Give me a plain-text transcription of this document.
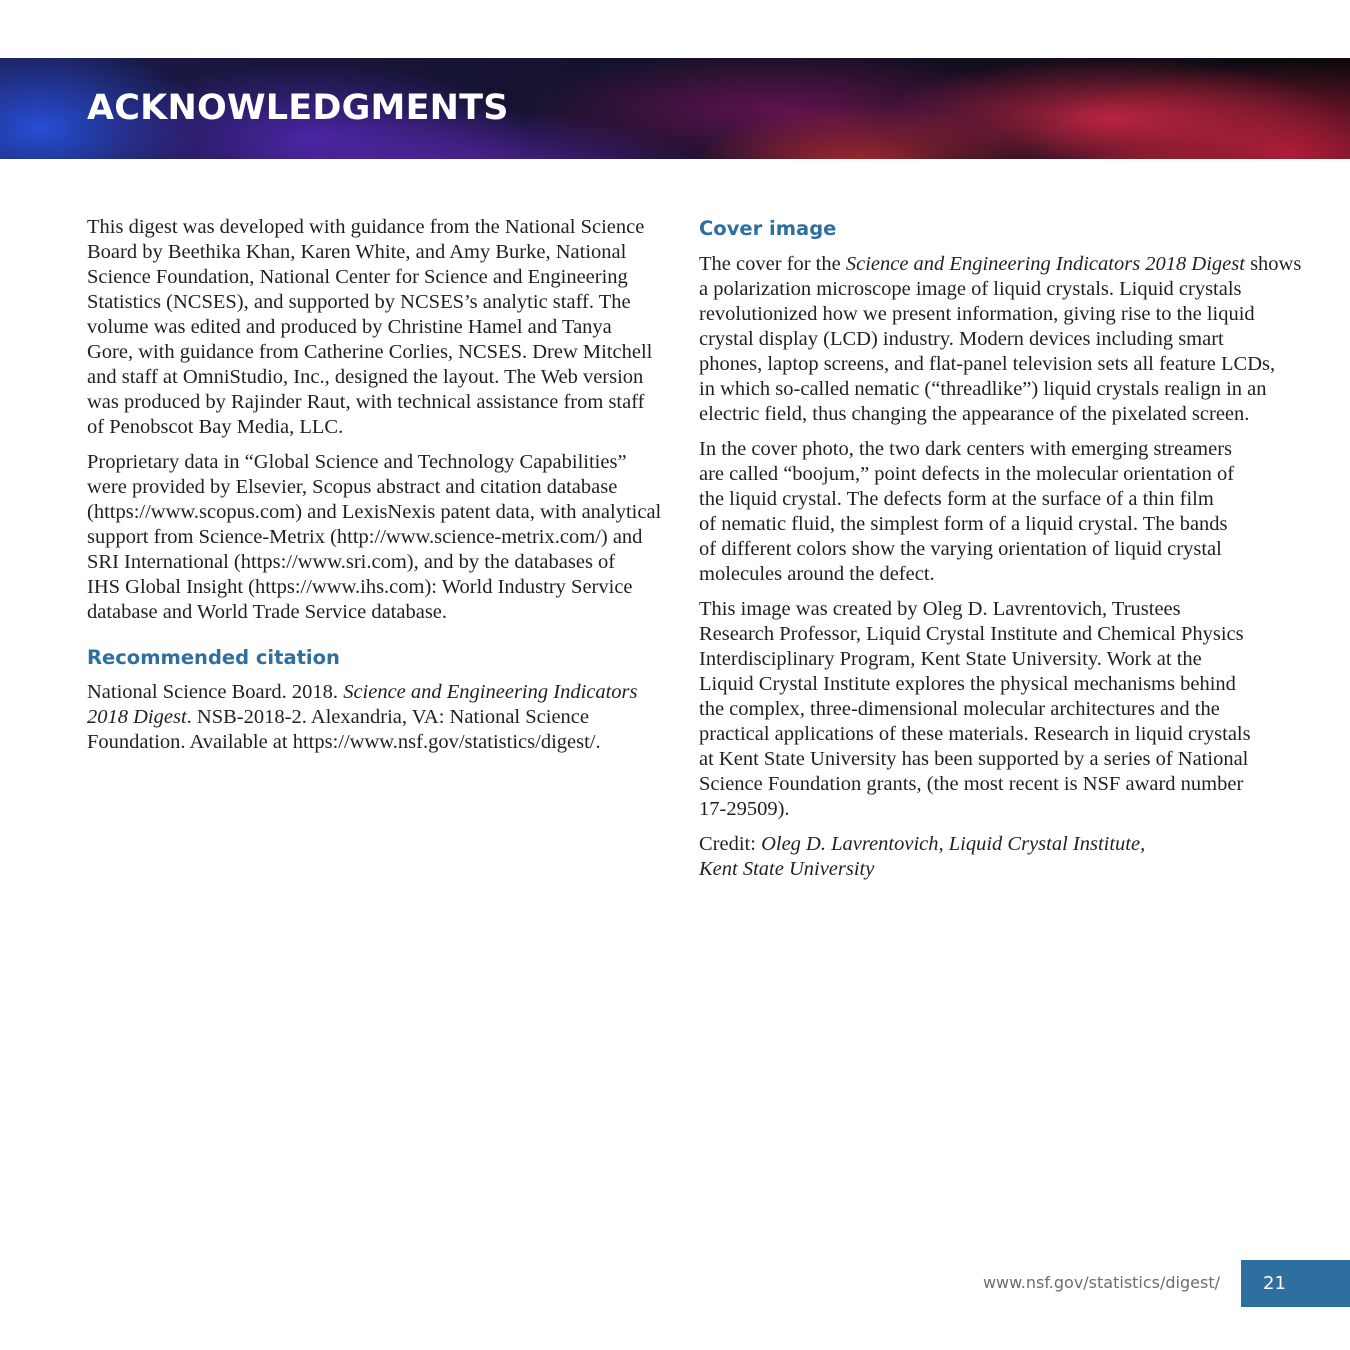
ACKNOWLEDGMENTS

This digest was developed with guidance from the National Science
Board by Beethika Khan, Karen White, and Amy Burke, National
Science Foundation, National Center for Science and Engineering
Statistics (NCSES), and supported by NCSES’s analytic staff. The
volume was edited and produced by Christine Hamel and Tanya
Gore, with guidance from Catherine Corlies, NCSES. Drew Mitchell
and staff at OmniStudio, Inc., designed the layout. The Web version
was produced by Rajinder Raut, with technical assistance from staff
of Penobscot Bay Media, LLC.

Proprietary data in “Global Science and Technology Capabilities”
were provided by Elsevier, Scopus abstract and citation database
(https://www.scopus.com) and LexisNexis patent data, with analytical
support from Science-Metrix (http://www.science-metrix.com/) and
SRI International (https://www.sri.com), and by the databases of
IHS Global Insight (https://www.ihs.com): World Industry Service
database and World Trade Service database.

Recommended citation

National Science Board. 2018. Science and Engineering Indicators
2018 Digest. NSB-2018-2. Alexandria, VA: National Science
Foundation. Available at https://www.nsf.gov/statistics/digest/.

Cover image

The cover for the Science and Engineering Indicators 2018 Digest shows
a polarization microscope image of liquid crystals. Liquid crystals
revolutionized how we present information, giving rise to the liquid
crystal display (LCD) industry. Modern devices including smart
phones, laptop screens, and flat-panel television sets all feature LCDs,
in which so-called nematic (“threadlike”) liquid crystals realign in an
electric field, thus changing the appearance of the pixelated screen.

In the cover photo, the two dark centers with emerging streamers
are called “boojum,” point defects in the molecular orientation of
the liquid crystal. The defects form at the surface of a thin film
of nematic fluid, the simplest form of a liquid crystal. The bands
of different colors show the varying orientation of liquid crystal
molecules around the defect.

This image was created by Oleg D. Lavrentovich, Trustees
Research Professor, Liquid Crystal Institute and Chemical Physics
Interdisciplinary Program, Kent State University. Work at the
Liquid Crystal Institute explores the physical mechanisms behind
the complex, three-dimensional molecular architectures and the
practical applications of these materials. Research in liquid crystals
at Kent State University has been supported by a series of National
Science Foundation grants, (the most recent is NSF award number
17-29509).

Credit: Oleg D. Lavrentovich, Liquid Crystal Institute,
Kent State University

www.nsf.gov/statistics/digest/ 21
